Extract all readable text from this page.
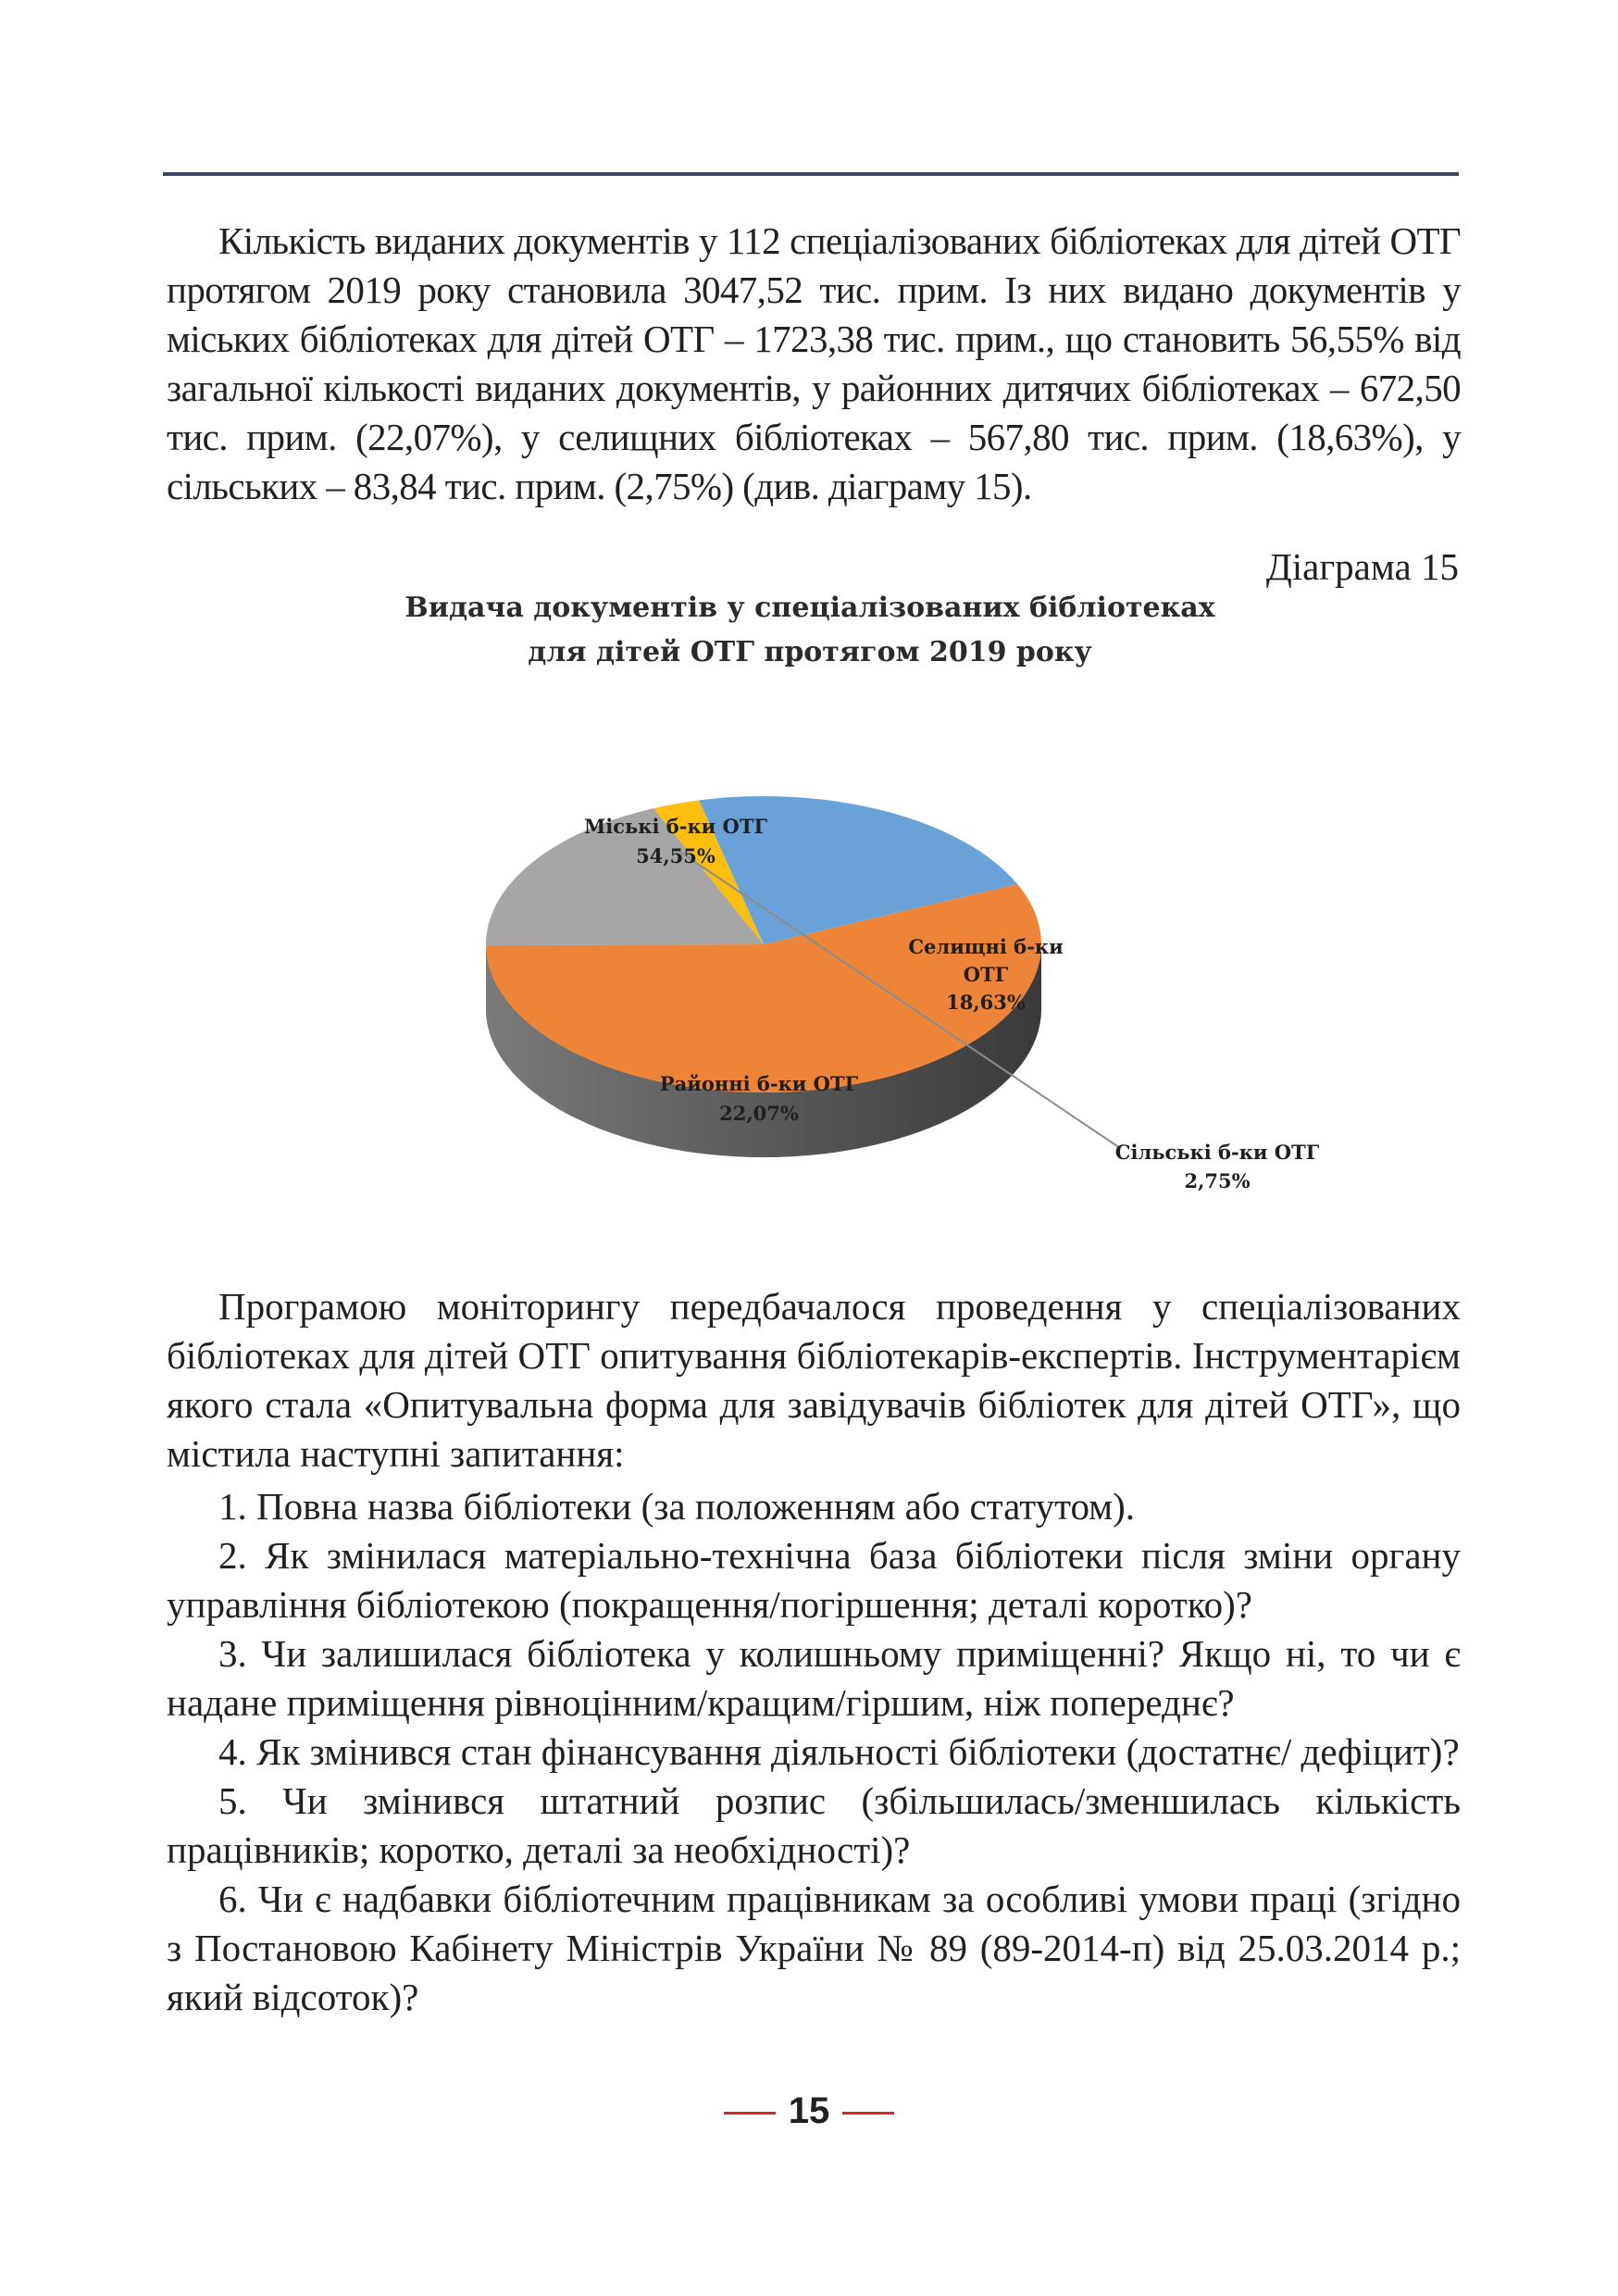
Кількість виданих документів у 112 спеціалізованих бібліотеках для дітей ОТГ протягом 2019 року становила 3047,52 тис. прим. Із них видано документів у міських бібліотеках для дітей ОТГ – 1723,38 тис. прим., що становить 56,55% від загальної кількості виданих документів, у районних дитячих бібліотеках – 672,50 тис. прим. (22,07%), у селищних бібліотеках – 567,80 тис. прим. (18,63%), у сільських – 83,84 тис. прим. (2,75%) (див. діаграму 15).

Діаграма 15
Видача документів у спеціалізованих бібліотеках
для дітей ОТГ протягом 2019 року
Міські б-ки ОТГ
54,55%
Селищні б-ки
ОТГ
18,63%
Районні б-ки ОТГ
22,07%
Сільські б-ки ОТГ
2,75%

Програмою моніторингу передбачалося проведення у спеціалізованих бібліотеках для дітей ОТГ опитування бібліотекарів-експертів. Інструментарієм якого стала «Опитувальна форма для завідувачів бібліотек для дітей ОТГ», що містила наступні запитання:

1. Повна назва бібліотеки (за положенням або статутом).
2. Як змінилася матеріально-технічна база бібліотеки після зміни органу управління бібліотекою (покращення/погіршення; деталі коротко)?
3. Чи залишилася бібліотека у колишньому приміщенні? Якщо ні, то чи є надане приміщення рівноцінним/кращим/гіршим, ніж попереднє?
4. Як змінився стан фінансування діяльності бібліотеки (достатнє/ дефіцит)?
5. Чи змінився штатний розпис (збільшилась/зменшилась кількість працівників; коротко, деталі за необхідності)?
6. Чи є надбавки бібліотечним працівникам за особливі умови праці (згідно з Постановою Кабінету Міністрів України № 89 (89-2014-п) від 25.03.2014 р.; який відсоток)?
15
